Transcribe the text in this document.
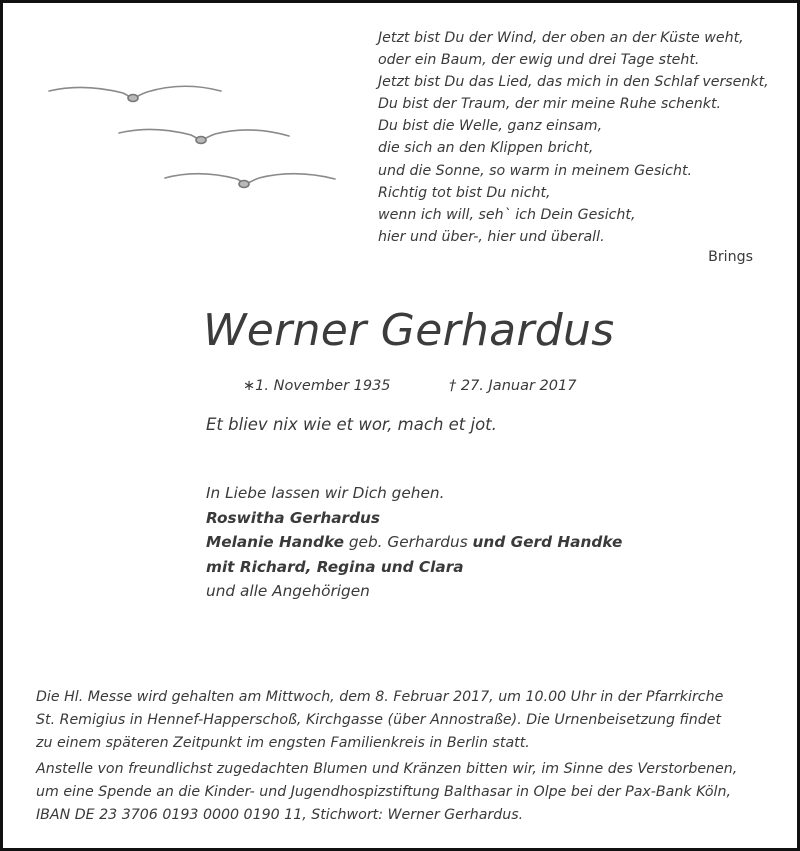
Jetzt bist Du der Wind, der oben an der Küste weht,
oder ein Baum, der ewig und drei Tage steht.
Jetzt bist Du das Lied, das mich in den Schlaf versenkt,
Du bist der Traum, der mir meine Ruhe schenkt.
Du bist die Welle, ganz einsam,
die sich an den Klippen bricht,
und die Sonne, so warm in meinem Gesicht.
Richtig tot bist Du nicht,
wenn ich will, seh` ich Dein Gesicht,
hier und über-, hier und überall.
Brings
Werner Gerhardus
∗1. November 1935	† 27. Januar 2017
Et bliev nix wie et wor, mach et jot.
In Liebe lassen wir Dich gehen.
Roswitha Gerhardus
Melanie Handke geb. Gerhardus und Gerd Handke
mit Richard, Regina und Clara
und alle Angehörigen
Die Hl. Messe wird gehalten am Mittwoch, dem 8. Februar 2017, um 10.00 Uhr in der Pfarrkirche
St. Remigius in Hennef-Happerschoß, Kirchgasse (über Annostraße). Die Urnenbeisetzung findet
zu einem späteren Zeitpunkt im engsten Familienkreis in Berlin statt.
Anstelle von freundlichst zugedachten Blumen und Kränzen bitten wir, im Sinne des Verstorbenen,
um eine Spende an die Kinder- und Jugendhospizstiftung Balthasar in Olpe bei der Pax-Bank Köln,
IBAN DE 23 3706 0193 0000 0190 11, Stichwort: Werner Gerhardus.
